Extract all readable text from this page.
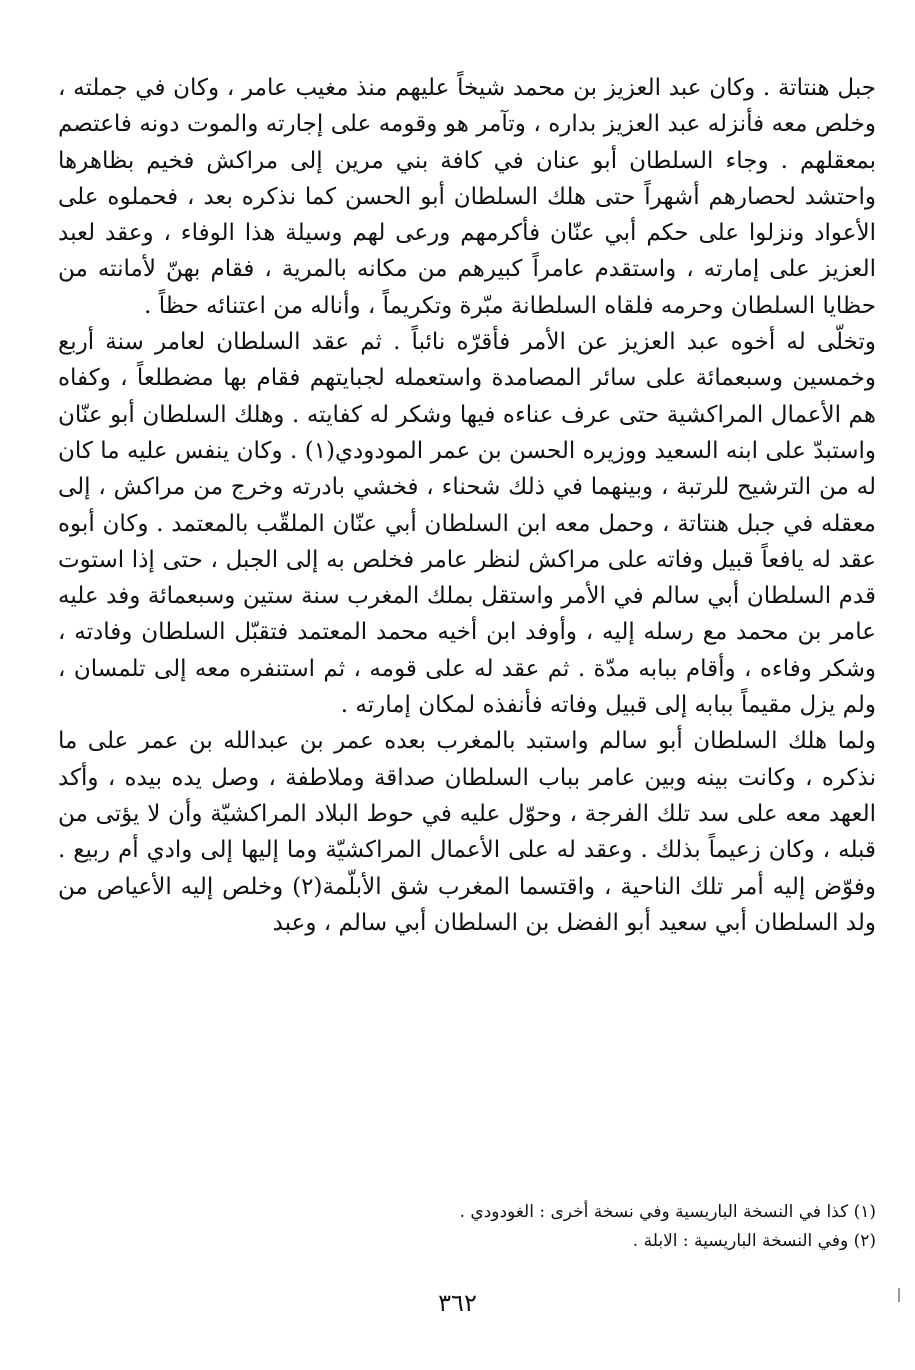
جبل هنتاتة . وكان عبد العزيز بن محمد شيخاً عليهم منذ مغيب عامر ، وكان في جملته ، وخلص معه فأنزله عبد العزيز بداره ، وتآمر هو وقومه على إجارته والموت دونه فاعتصم بمعقلهم . وجاء السلطان أبو عنان في كافة بني مرين إلى مراكش فخيم بظاهرها واحتشد لحصارهم أشهراً حتى هلك السلطان أبو الحسن كما نذكره بعد ، فحملوه على الأعواد ونزلوا على حكم أبي عنّان فأكرمهم ورعى لهم وسيلة هذا الوفاء ، وعقد لعبد العزيز على إمارته ، واستقدم عامراً كبيرهم من مكانه بالمرية ، فقام بهنّ لأمانته من حظايا السلطان وحرمه فلقاه السلطانة مبّرة وتكريماً ، وأناله من اعتنائه حظاً .

وتخلّى له أخوه عبد العزيز عن الأمر فأقرّه نائباً . ثم عقد السلطان لعامر سنة أربع وخمسين وسبعمائة على سائر المصامدة واستعمله لجبايتهم فقام بها مضطلعاً ، وكفاه هم الأعمال المراكشية حتى عرف عناءه فيها وشكر له كفايته . وهلك السلطان أبو عنّان واستبدّ على ابنه السعيد ووزيره الحسن بن عمر المودودي(١) . وكان ينفس عليه ما كان له من الترشيح للرتبة ، وبينهما في ذلك شحناء ، فخشي بادرته وخرج من مراكش ، إلى معقله في جبل هنتاتة ، وحمل معه ابن السلطان أبي عنّان الملقّب بالمعتمد . وكان أبوه عقد له يافعاً قبيل وفاته على مراكش لنظر عامر فخلص به إلى الجبل ، حتى إذا استوت قدم السلطان أبي سالم في الأمر واستقل بملك المغرب سنة ستين وسبعمائة وفد عليه عامر بن محمد مع رسله إليه ، وأوفد ابن أخيه محمد المعتمد فتقبّل السلطان وفادته ، وشكر وفاءه ، وأقام ببابه مدّة . ثم عقد له على قومه ، ثم استنفره معه إلى تلمسان ، ولم يزل مقيماً ببابه إلى قبيل وفاته فأنفذه لمكان إمارته .

ولما هلك السلطان أبو سالم واستبد بالمغرب بعده عمر بن عبدالله بن عمر على ما نذكره ، وكانت بينه وبين عامر بباب السلطان صداقة وملاطفة ، وصل يده بيده ، وأكد العهد معه على سد تلك الفرجة ، وحوّل عليه في حوط البلاد المراكشيّة وأن لا يؤتى من قبله ، وكان زعيماً بذلك . وعقد له على الأعمال المراكشيّة وما إليها إلى وادي أم ربيع . وفوّض إليه أمر تلك الناحية ، واقتسما المغرب شق الأبلّمة(٢) وخلص إليه الأعياص من ولد السلطان أبي سعيد أبو الفضل بن السلطان أبي سالم ، وعبد

(١) كذا في النسخة الباريسية وفي نسخة أخرى : الغودودي .

(٢) وفي النسخة الباريسية : الابلة .

٣٦٢
